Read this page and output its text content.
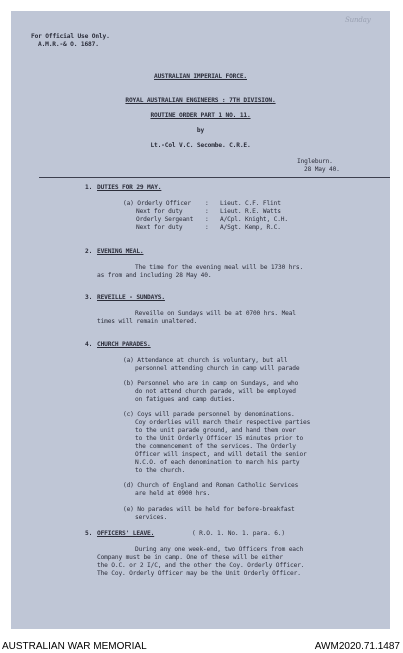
Sunday
For Official Use Only.
A.M.R.-& O. 1687.
AUSTRALIAN IMPERIAL FORCE.
ROYAL AUSTRALIAN ENGINEERS : 7TH DIVISION.
ROUTINE ORDER PART 1 NO. 11.
by
Lt.-Col V.C. Secombe. C.R.E.
Ingleburn.
28 May 40.
1. DUTIES FOR 29 MAY.
(a) Orderly Officer : Lieut. C.F. Flint
Next for duty	: Lieut. R.E. Watts
Orderly Sergeant : A/Cpl. Knight, C.H.
Next for duty	: A/Sgt. Kemp, R.C.
2. EVENING MEAL.
The time for the evening meal will be 1730 hrs.
as from and including 28 May 40.
3. REVEILLE - SUNDAYS.
Reveille on Sundays will be at 0700 hrs. Meal
times will remain unaltered.
4. CHURCH PARADES.
(a) Attendance at church is voluntary, but all
personnel attending church in camp will parade
(b) Personnel who are in camp on Sundays, and who
do not attend church parade, will be employed
on fatigues and camp duties.
(c) Coys will parade personnel by denominations.
Coy orderlies will march their respective parties
to the unit parade ground, and hand them over
to the Unit Orderly Officer 15 minutes prior to
the commencement of the services. The Orderly
Officer will inspect, and will detail the senior
N.C.O. of each denomination to march his party
to the church.
(d) Church of England and Roman Catholic Services
are held at 0900 hrs.
(e) No parades will be held for before-breakfast
services.
5. OFFICERS' LEAVE.	( R.O. 1. No. 1. para. 6.)
During any one week-end, two Officers from each
Company must be in camp. One of these will be either
the O.C. or 2 I/C, and the other the Coy. Orderly Officer.
The Coy. Orderly Officer may be the Unit Orderly Officer.
AUSTRALIAN WAR MEMORIAL	AWM2020.71.1487
